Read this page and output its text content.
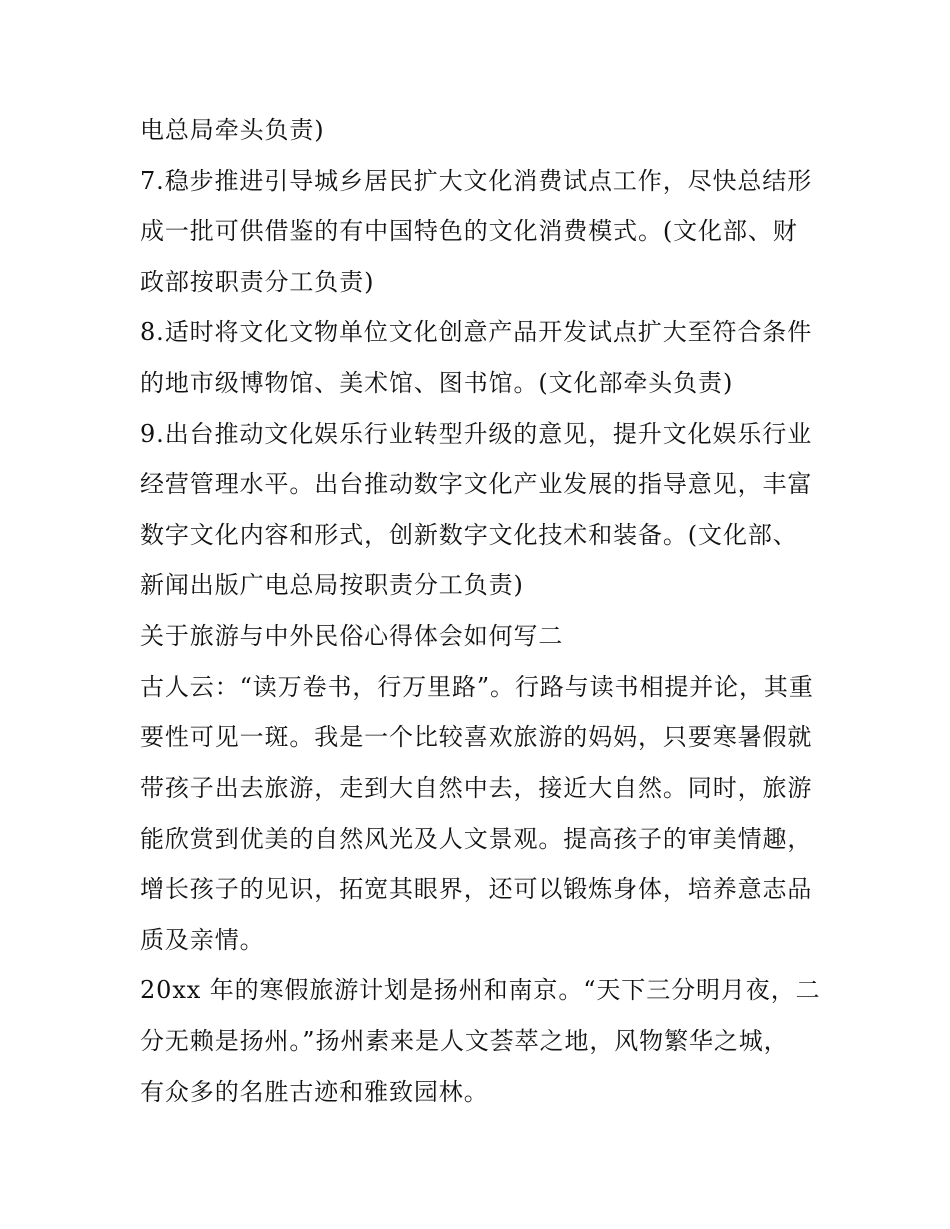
电总局牵头负责)
7.稳步推进引导城乡居民扩大文化消费试点工作，尽快总结形
成一批可供借鉴的有中国特色的文化消费模式。(文化部、财
政部按职责分工负责)
8.适时将文化文物单位文化创意产品开发试点扩大至符合条件
的地市级博物馆、美术馆、图书馆。(文化部牵头负责)
9.出台推动文化娱乐行业转型升级的意见，提升文化娱乐行业
经营管理水平。出台推动数字文化产业发展的指导意见，丰富
数字文化内容和形式，创新数字文化技术和装备。(文化部、
新闻出版广电总局按职责分工负责)
关于旅游与中外民俗心得体会如何写二
古人云：“读万卷书，行万里路”。行路与读书相提并论，其重
要性可见一斑。我是一个比较喜欢旅游的妈妈，只要寒暑假就
带孩子出去旅游，走到大自然中去，接近大自然。同时，旅游
能欣赏到优美的自然风光及人文景观。提高孩子的审美情趣，
增长孩子的见识，拓宽其眼界，还可以锻炼身体，培养意志品
质及亲情。
20xx 年的寒假旅游计划是扬州和南京。“天下三分明月夜，二
分无赖是扬州。”扬州素来是人文荟萃之地，风物繁华之城，
有众多的名胜古迹和雅致园林。
